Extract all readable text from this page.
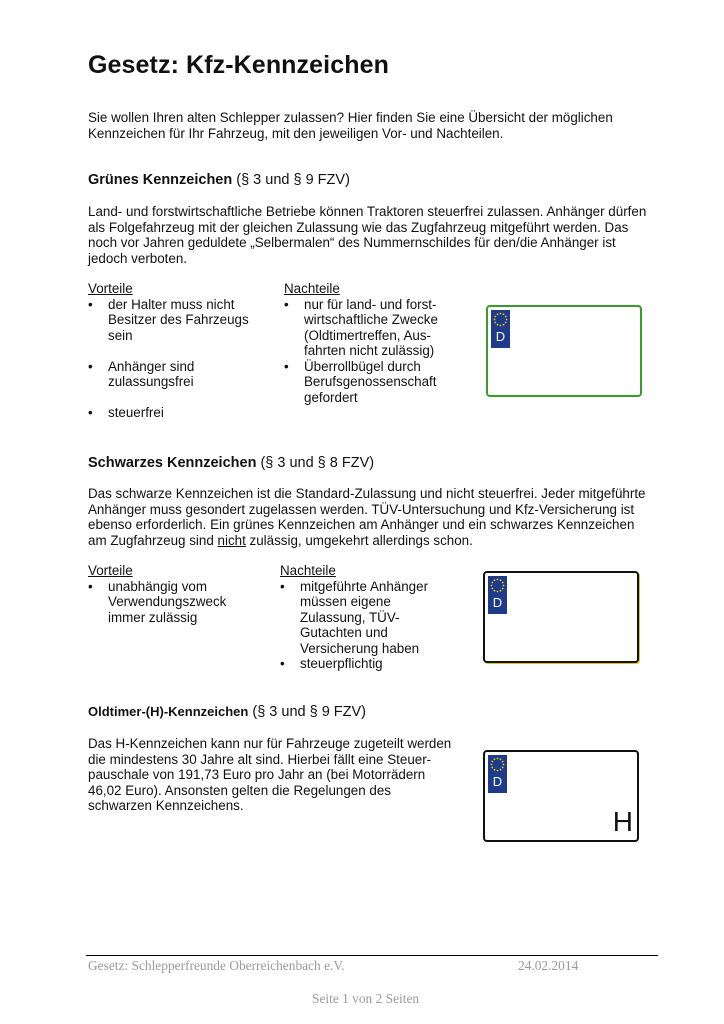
Gesetz: Kfz-Kennzeichen

Sie wollen Ihren alten Schlepper zulassen? Hier finden Sie eine Übersicht der möglichen

Kennzeichen für Ihr Fahrzeug, mit den jeweiligen Vor- und Nachteilen.

Grünes Kennzeichen (§ 3 und § 9 FZV)

Land- und forstwirtschaftliche Betriebe können Traktoren steuerfrei zulassen. Anhänger dürfen

als Folgefahrzeug mit der gleichen Zulassung wie das Zugfahrzeug mitgeführt werden. Das

noch vor Jahren geduldete „Selbermalen“ des Nummernschildes für den/die Anhänger ist

jedoch verboten.

Vorteile
• der Halter muss nicht
Besitzer des Fahrzeugs
sein
• Anhänger sind
zulassungsfrei
• steuerfrei
Nachteile
• nur für land- und forst-
wirtschaftliche Zwecke
(Oldtimertreffen, Aus-
fahrten nicht zulässig)
• Überrollbügel durch
Berufsgenossenschaft
gefordert
D
Schwarzes Kennzeichen (§ 3 und § 8 FZV)

Das schwarze Kennzeichen ist die Standard-Zulassung und nicht steuerfrei. Jeder mitgeführte

Anhänger muss gesondert zugelassen werden. TÜV-Untersuchung und Kfz-Versicherung ist

ebenso erforderlich. Ein grünes Kennzeichen am Anhänger und ein schwarzes Kennzeichen

am Zugfahrzeug sind nicht zulässig, umgekehrt allerdings schon.

Vorteile
• unabhängig vom
Verwendungszweck
immer zulässig
Nachteile
• mitgeführte Anhänger
müssen eigene
Zulassung, TÜV-
Gutachten und
Versicherung haben
• steuerpflichtig
D
Oldtimer-(H)-Kennzeichen (§ 3 und § 9 FZV)

Das H-Kennzeichen kann nur für Fahrzeuge zugeteilt werden

die mindestens 30 Jahre alt sind. Hierbei fällt eine Steuer-

pauschale von 191,73 Euro pro Jahr an (bei Motorrädern

46,02 Euro). Ansonsten gelten die Regelungen des

schwarzen Kennzeichens.

D
H
Gesetz: Schlepperfreunde Oberreichenbach e.V.	24.02.2014
Seite 1 von 2 Seiten
